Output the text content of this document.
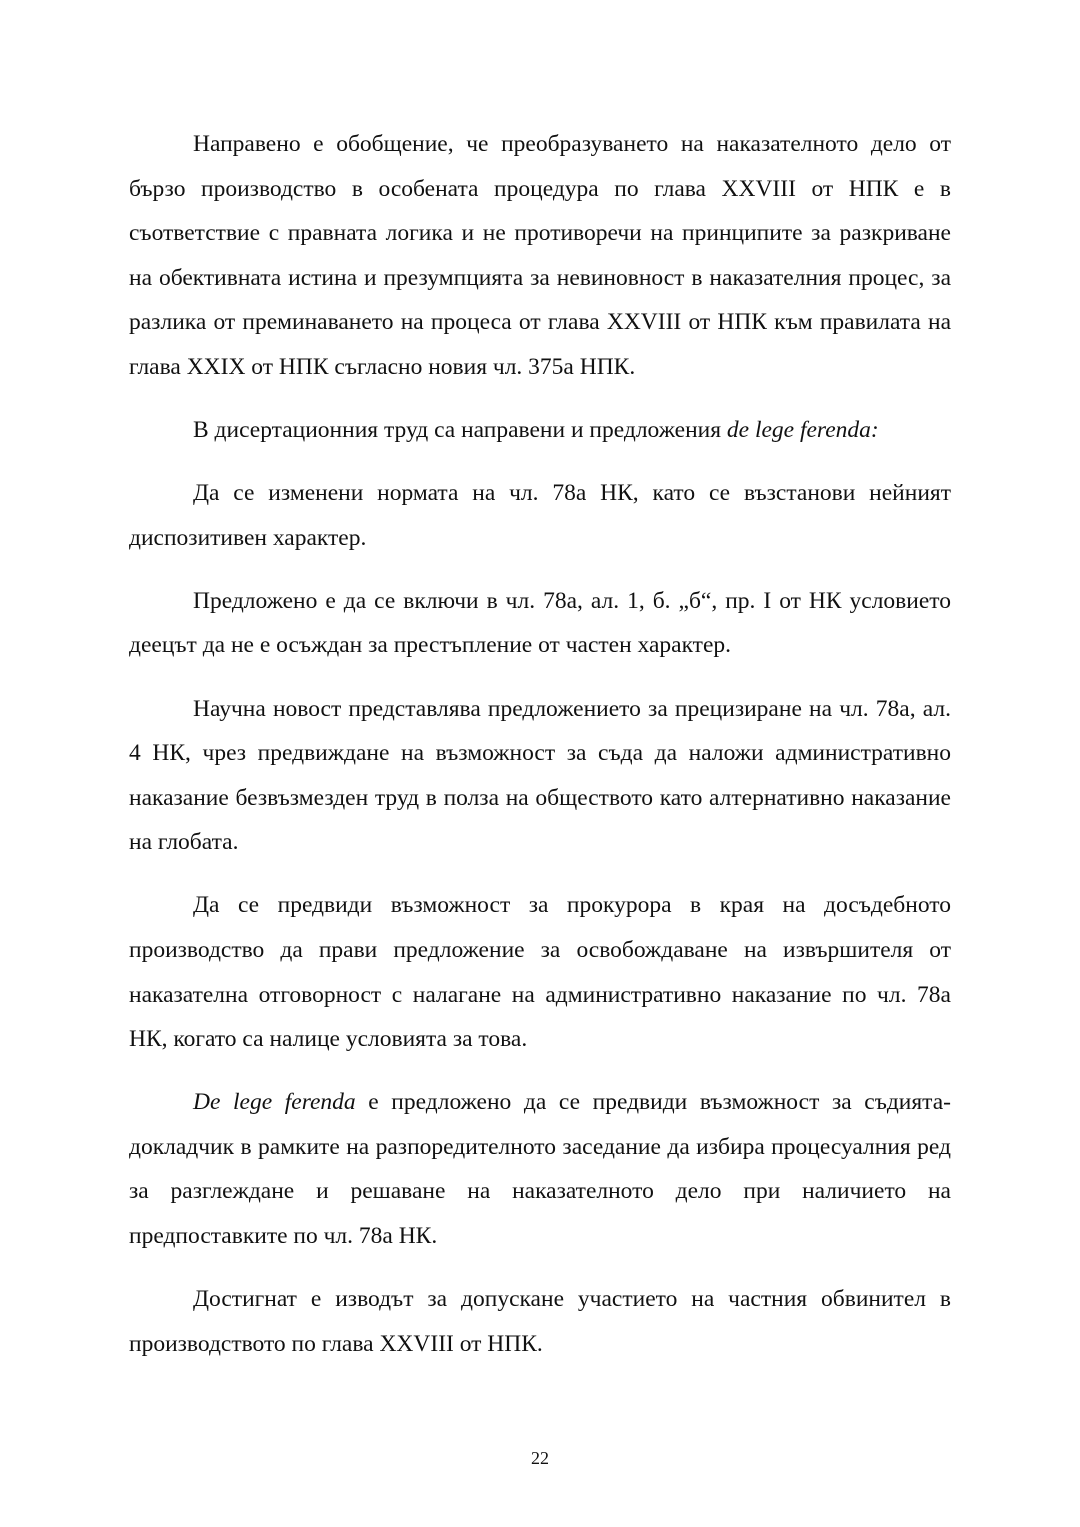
Направено е обобщение, че преобразуването на наказателното дело от бързо производство в особената процедура по глава XXVIII от НПК е в съответствие с правната логика и не противоречи на принципите за разкриване на обективната истина и презумпцията за невиновност в наказателния процес, за разлика от преминаването на процеса от глава XXVIII от НПК към правилата на глава XXIX от НПК съгласно новия чл. 375а НПК.

В дисертационния труд са направени и предложения de lege ferenda:

Да се изменени нормата на чл. 78а НК, като се възстанови нейният диспозитивен характер.

Предложено е да се включи в чл. 78а, ал. 1, б. „б“, пр. I от НК условието деецът да не е осъждан за престъпление от частен характер.

Научна новост представлява предложението за прецизиране на чл. 78а, ал. 4 НК, чрез предвиждане на възможност за съда да наложи административно наказание безвъзмезден труд в полза на обществото като алтернативно наказание на глобата.

Да се предвиди възможност за прокурора в края на досъдебното производство да прави предложение за освобождаване на извършителя от наказателна отговорност с налагане на административно наказание по чл. 78а НК, когато са налице условията за това.

De lege ferenda е предложено да се предвиди възможност за съдията-докладчик в рамките на разпоредителното заседание да избира процесуалния ред за разглеждане и решаване на наказателното дело при наличието на предпоставките по чл. 78а НК.

Достигнат е изводът за допускане участието на частния обвинител в производството по глава XXVIII от НПК.

22
